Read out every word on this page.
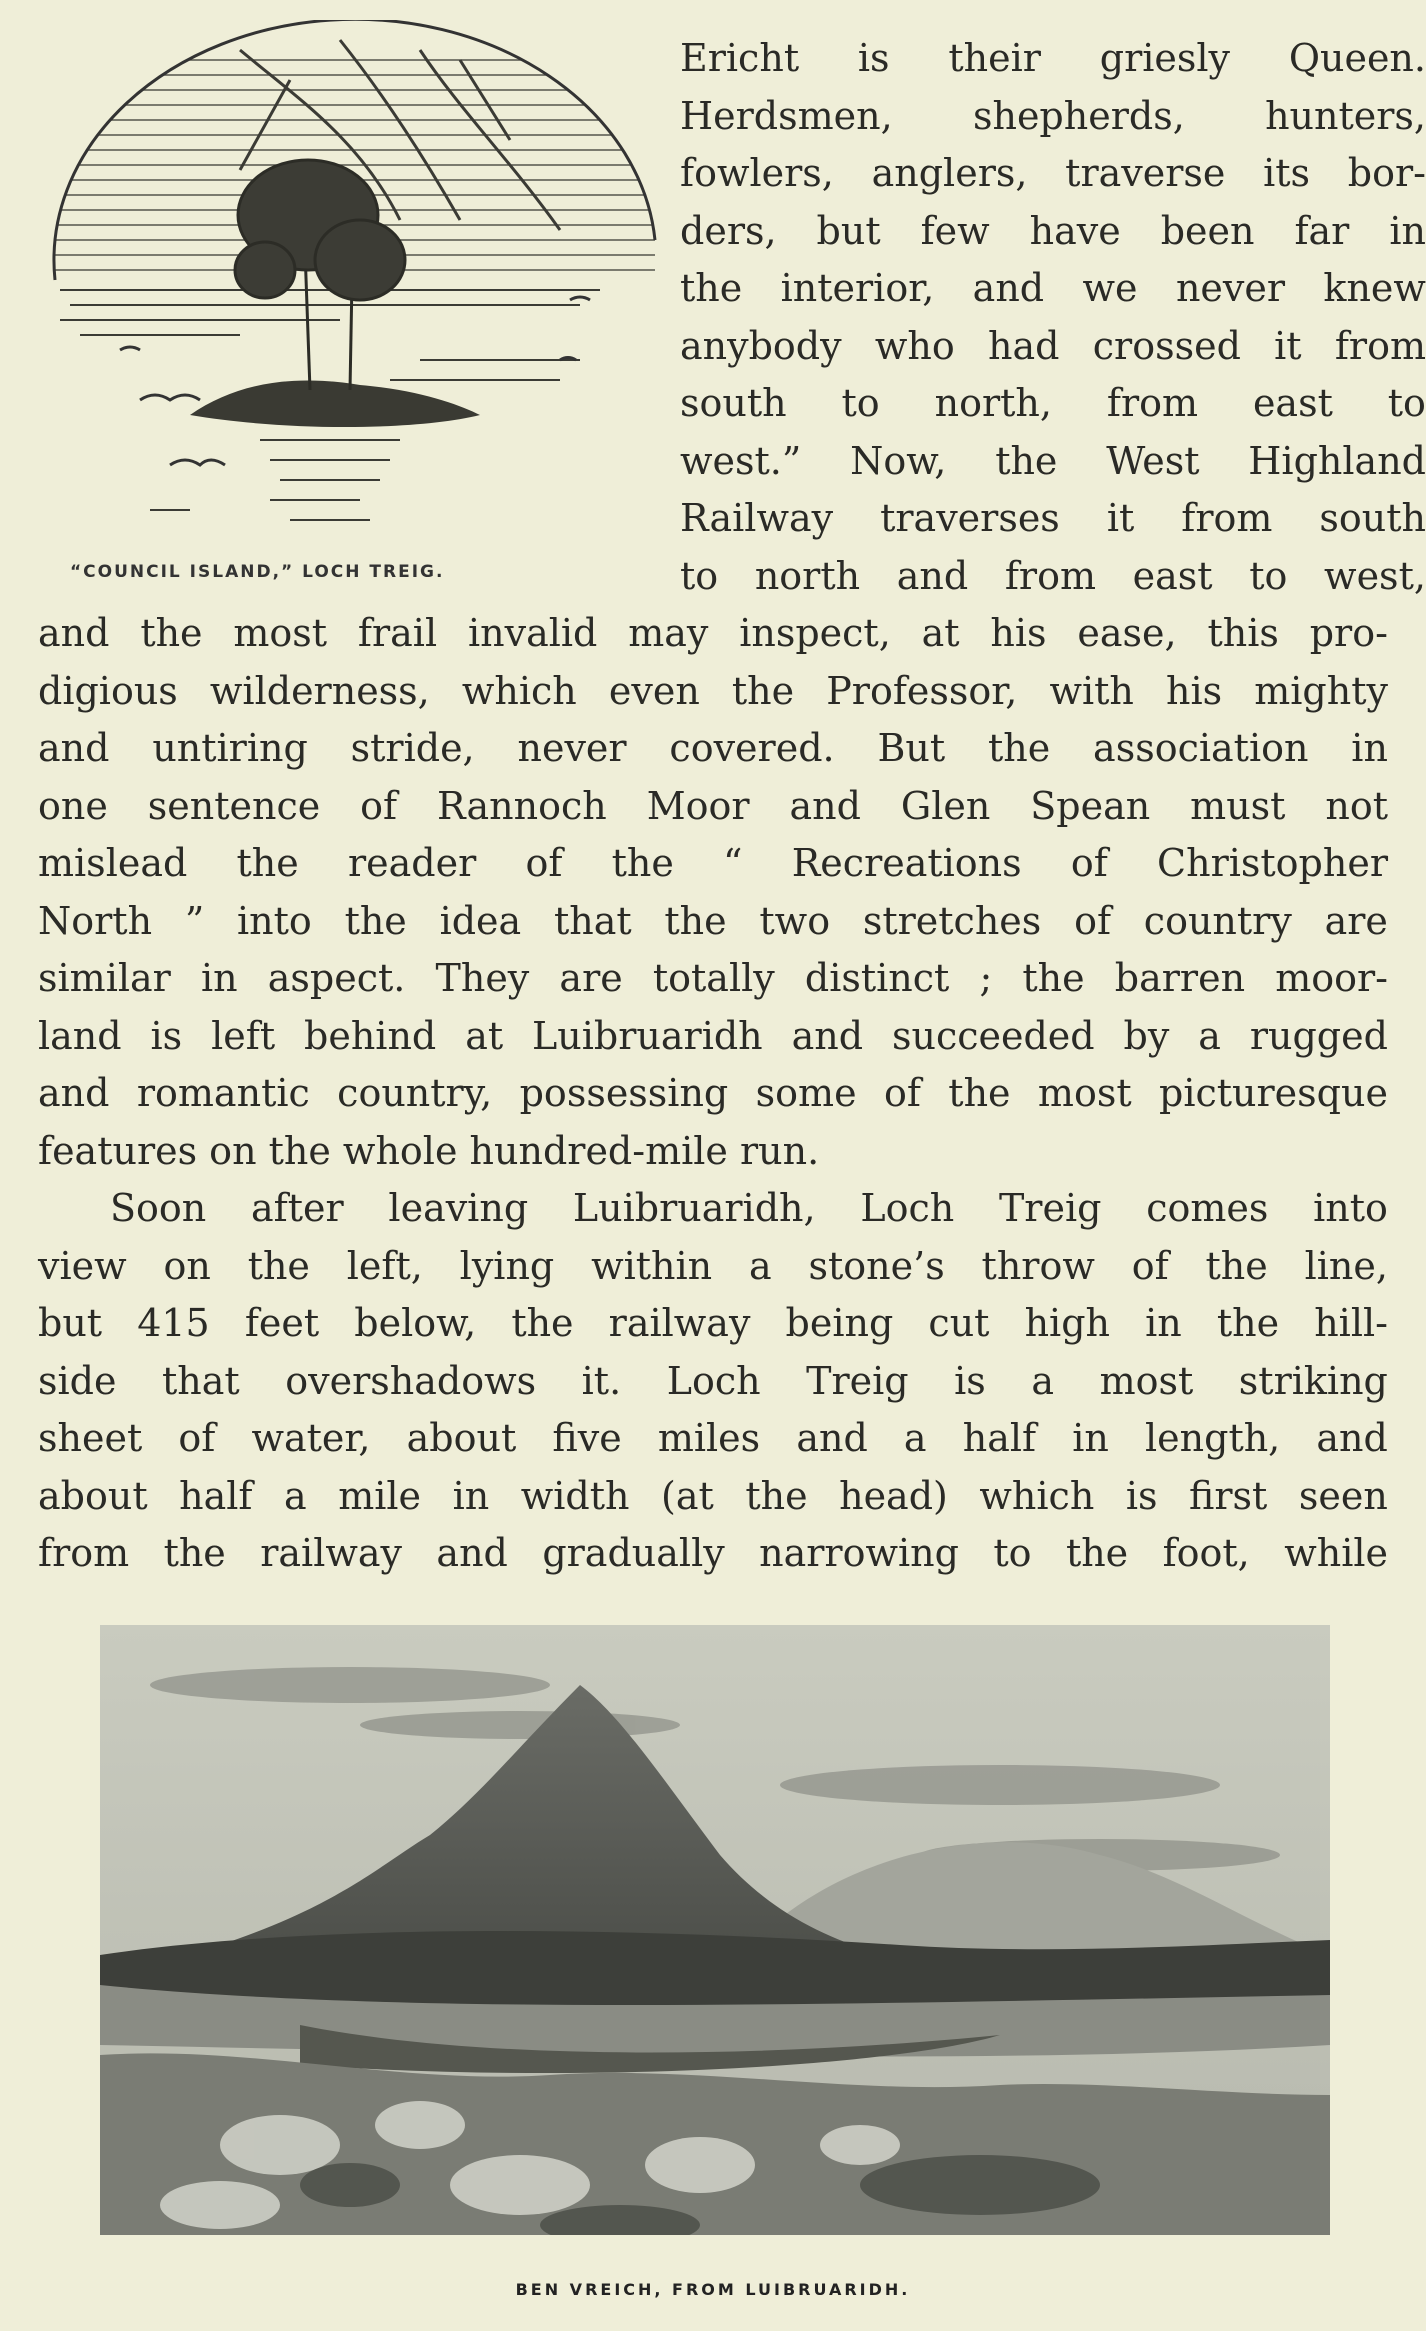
“COUNCIL ISLAND,” LOCH TREIG.
Ericht is their griesly Queen.
Herdsmen, shepherds, hunters,
fowlers, anglers, traverse its bor-
ders, but few have been far in
the interior, and we never knew
anybody who had crossed it from
south to north, from east to
west.” Now, the West Highland
Railway traverses it from south
to north and from east to west,
and the most frail invalid may inspect, at his ease, this pro-
digious wilderness, which even the Professor, with his mighty
and untiring stride, never covered. But the association in
one sentence of Rannoch Moor and Glen Spean must not
mislead the reader of the “ Recreations of Christopher
North ” into the idea that the two stretches of country are
similar in aspect. They are totally distinct ; the barren moor-
land is left behind at Luibruaridh and succeeded by a rugged
and romantic country, possessing some of the most picturesque
features on the whole hundred-mile run.
Soon after leaving Luibruaridh, Loch Treig comes into
view on the left, lying within a stone’s throw of the line,
but 415 feet below, the railway being cut high in the hill-
side that overshadows it. Loch Treig is a most striking
sheet of water, about five miles and a half in length, and
about half a mile in width (at the head) which is first seen
from the railway and gradually narrowing to the foot, while
BEN VREICH, FROM LUIBRUARIDH.
